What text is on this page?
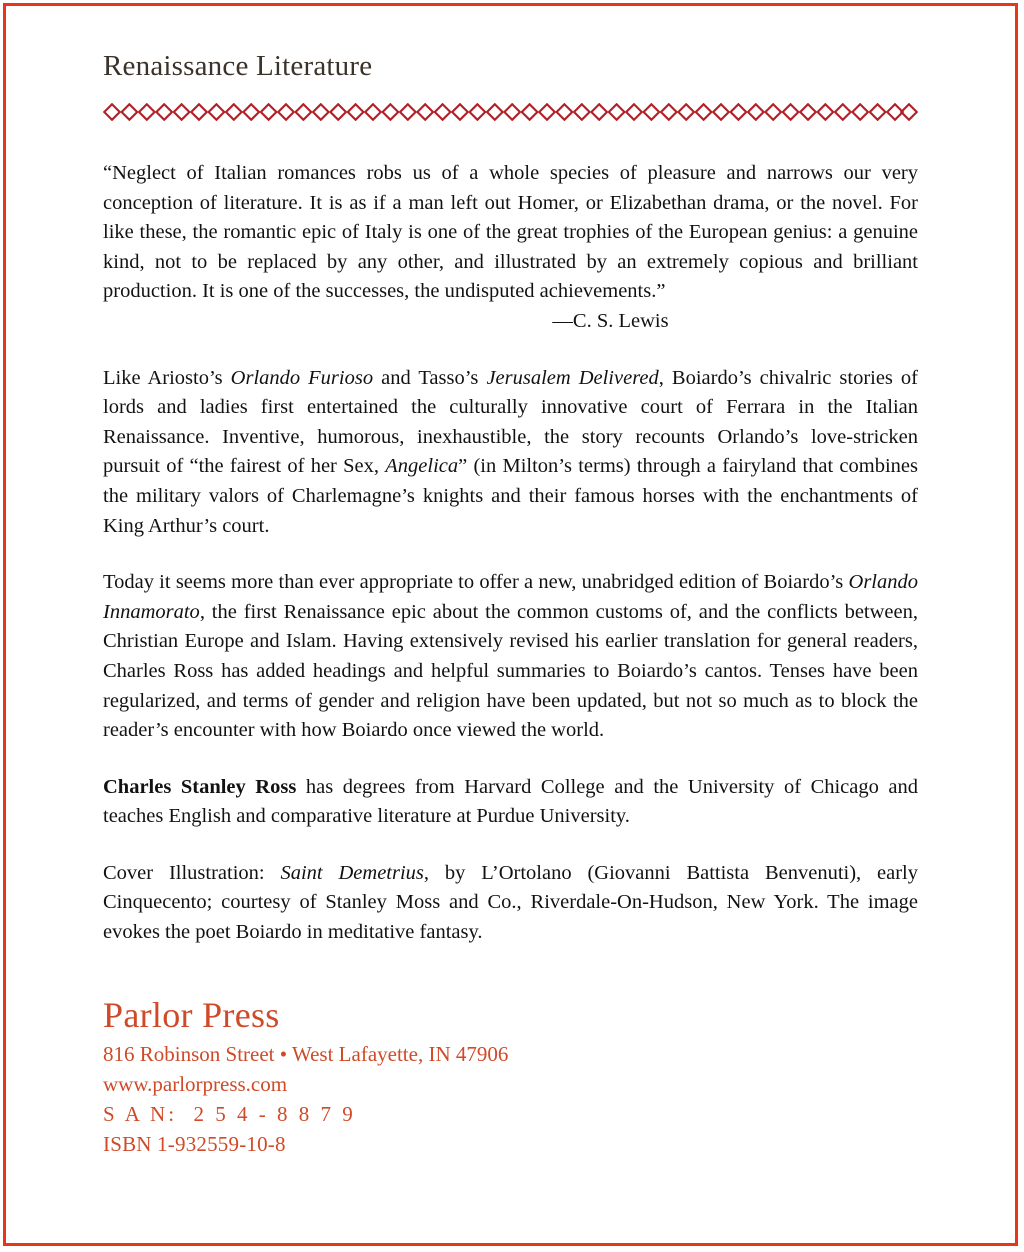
Renaissance Literature

“Neglect of Italian romances robs us of a whole species of pleasure and narrows our very conception of literature. It is as if a man left out Homer, or Elizabethan drama, or the novel. For like these, the romantic epic of Italy is one of the great trophies of the European genius: a genuine kind, not to be replaced by any other, and illustrated by an extremely copious and brilliant production. It is one of the successes, the undisputed achievements.”

—C. S. Lewis

Like Ariosto’s Orlando Furioso and Tasso’s Jerusalem Delivered, Boiardo’s chivalric stories of lords and ladies first entertained the culturally innovative court of Ferrara in the Italian Renaissance. Inventive, humorous, inexhaustible, the story recounts Orlando’s love-stricken pursuit of “the fairest of her Sex, Angelica” (in Milton’s terms) through a fairyland that combines the military valors of Charlemagne’s knights and their famous horses with the enchantments of King Arthur’s court.

Today it seems more than ever appropriate to offer a new, unabridged edition of Boiardo’s Orlando Innamorato, the first Renaissance epic about the common customs of, and the conflicts between, Christian Europe and Islam. Having extensively revised his earlier translation for general readers, Charles Ross has added headings and helpful summaries to Boiardo’s cantos. Tenses have been regularized, and terms of gender and religion have been updated, but not so much as to block the reader’s encounter with how Boiardo once viewed the world.

Charles Stanley Ross has degrees from Harvard College and the University of Chicago and teaches English and comparative literature at Purdue University.

Cover Illustration: Saint Demetrius, by L’Ortolano (Giovanni Battista Benvenuti), early Cinquecento; courtesy of Stanley Moss and Co., Riverdale-On-Hudson, New York. The image evokes the poet Boiardo in meditative fantasy.

Parlor Press
816 Robinson Street • West Lafayette, IN 47906
www.parlorpress.com
S A N:  2 5 4 - 8 8 7 9
ISBN 1-932559-10-8
